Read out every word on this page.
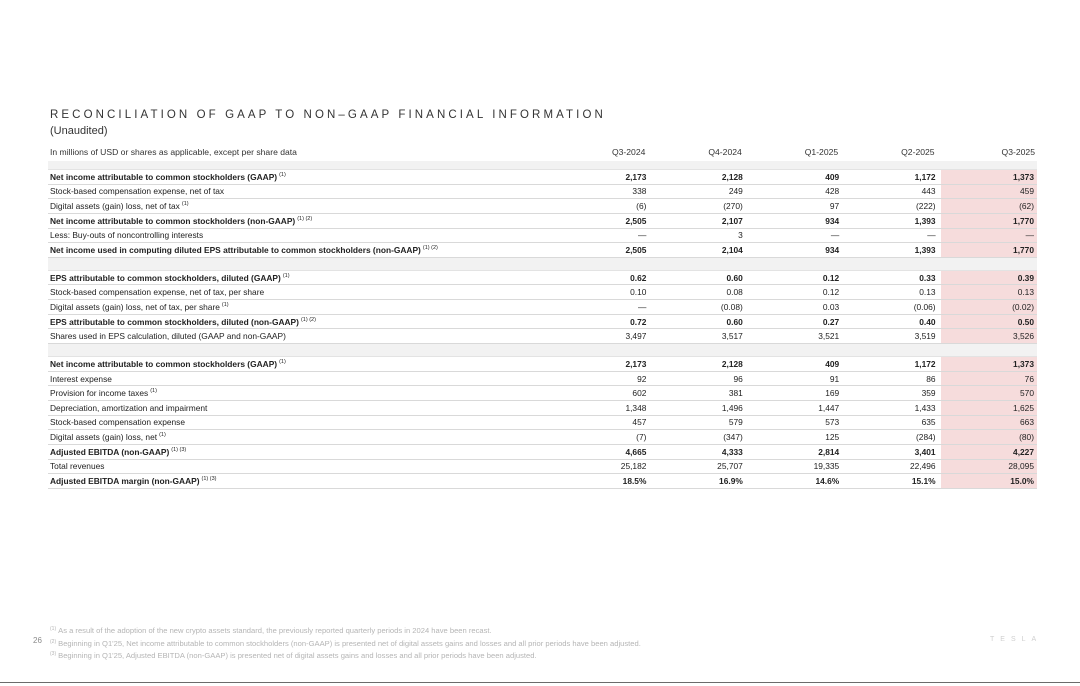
RECONCILIATION OF GAAP TO NON–GAAP FINANCIAL INFORMATION
(Unaudited)
In millions of USD or shares as applicable, except per share data	Q3-2024	Q4-2024	Q1-2025	Q2-2025	Q3-2025

Net income attributable to common stockholders (GAAP) $^{(1)}$	2,173	2,128	409	1,172	1,373
Stock-based compensation expense, net of tax	338	249	428	443	459
Digital assets (gain) loss, net of tax $^{(1)}$	(6)	(270)	97	(222)	(62)
Net income attributable to common stockholders (non-GAAP) $^{(1) (2)}$	2,505	2,107	934	1,393	1,770
Less: Buy-outs of noncontrolling interests	—	3	—	—	—
Net income used in computing diluted EPS attributable to common stockholders (non-GAAP) $^{(1) (2)}$	2,505	2,104	934	1,393	1,770

EPS attributable to common stockholders, diluted (GAAP) $^{(1)}$	0.62	0.60	0.12	0.33	0.39
Stock-based compensation expense, net of tax, per share	0.10	0.08	0.12	0.13	0.13
Digital assets (gain) loss, net of tax, per share $^{(1)}$	—	(0.08)	0.03	(0.06)	(0.02)
EPS attributable to common stockholders, diluted (non-GAAP) $^{(1) (2)}$	0.72	0.60	0.27	0.40	0.50
Shares used in EPS calculation, diluted (GAAP and non-GAAP)	3,497	3,517	3,521	3,519	3,526

Net income attributable to common stockholders (GAAP) $^{(1)}$	2,173	2,128	409	1,172	1,373
Interest expense	92	96	91	86	76
Provision for income taxes $^{(1)}$	602	381	169	359	570
Depreciation, amortization and impairment	1,348	1,496	1,447	1,433	1,625
Stock-based compensation expense	457	579	573	635	663
Digital assets (gain) loss, net $^{(1)}$	(7)	(347)	125	(284)	(80)
Adjusted EBITDA (non-GAAP) $^{(1) (3)}$	4,665	4,333	2,814	3,401	4,227
Total revenues	25,182	25,707	19,335	22,496	28,095
Adjusted EBITDA margin (non-GAAP) $^{(1) (3)}$	18.5%	16.9%	14.6%	15.1%	15.0%
$^{(1)}$ As a result of the adoption of the new crypto assets standard, the previously reported quarterly periods in 2024 have been recast.
$^{(2)}$ Beginning in Q1'25, Net income attributable to common stockholders (non-GAAP) is presented net of digital assets gains and losses and all prior periods have been adjusted.
$^{(3)}$ Beginning in Q1'25, Adjusted EBITDA (non-GAAP) is presented net of digital assets gains and losses and all prior periods have been adjusted.
26	TESLA
